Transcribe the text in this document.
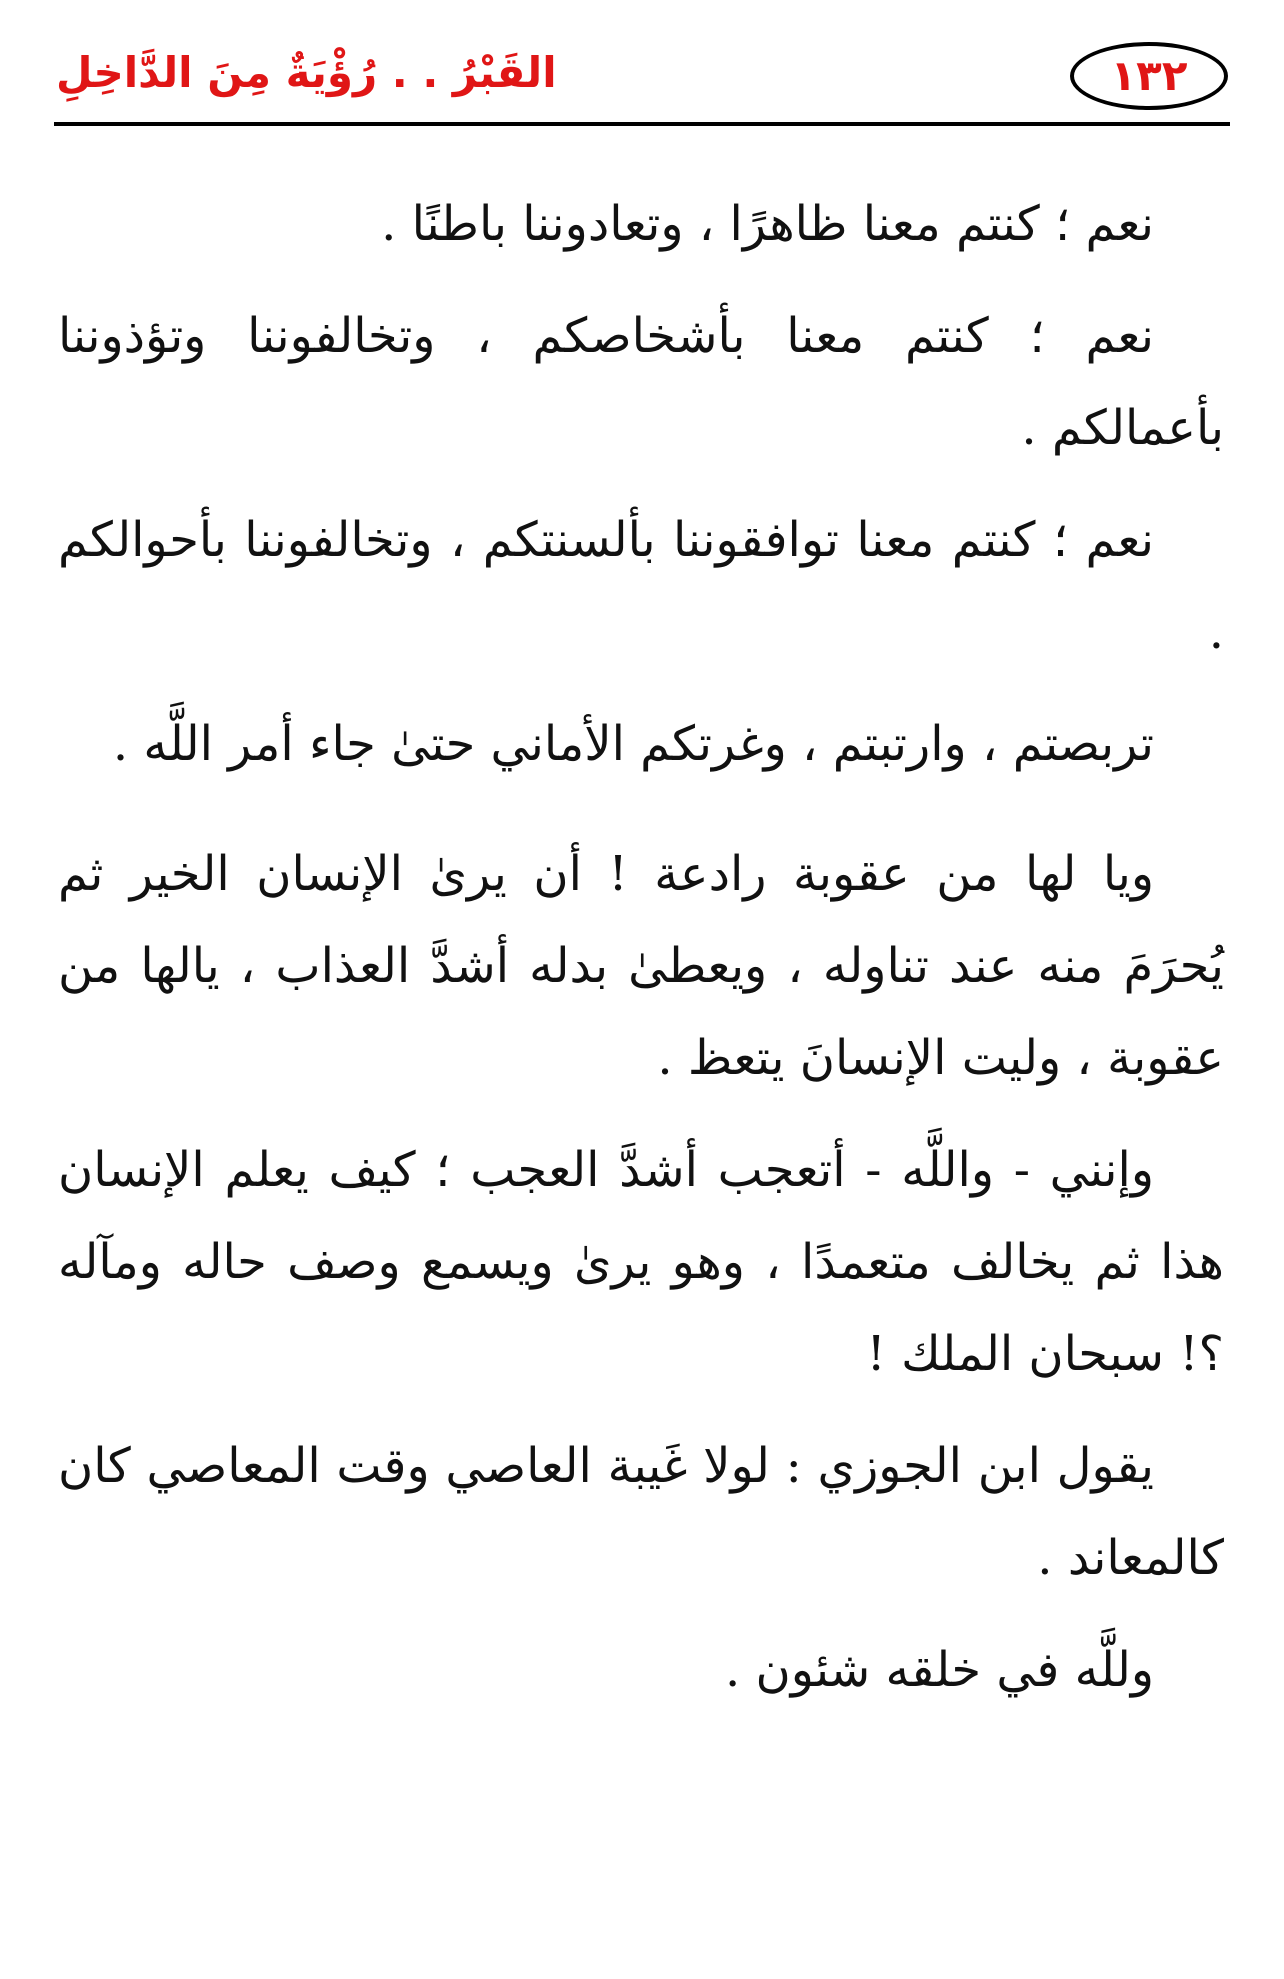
١٣٢
القَبْرُ . . رُؤْيَةٌ مِنَ الدَّاخِلِ

نعم ؛ كنتم معنا ظاهرًا ، وتعادوننا باطنًا .

نعم ؛ كنتم معنا بأشخاصكم ، وتخالفوننا وتؤذوننا بأعمالكم .

نعم ؛ كنتم معنا توافقوننا بألسنتكم ، وتخالفوننا بأحوالكم .

تربصتم ، وارتبتم ، وغرتكم الأماني حتىٰ جاء أمر اللَّه .

ويا لها من عقوبة رادعة ! أن يرىٰ الإنسان الخير ثم يُحرَمَ منه عند تناوله ، ويعطىٰ بدله أشدَّ العذاب ، يالها من عقوبة ، وليت الإنسانَ يتعظ .

وإنني - واللَّه - أتعجب أشدَّ العجب ؛ كيف يعلم الإنسان هذا ثم يخالف متعمدًا ، وهو يرىٰ ويسمع وصف حاله ومآله ؟! سبحان الملك !

يقول ابن الجوزي : لولا غَيبة العاصي وقت المعاصي كان كالمعاند .

وللَّه في خلقه شئون .
